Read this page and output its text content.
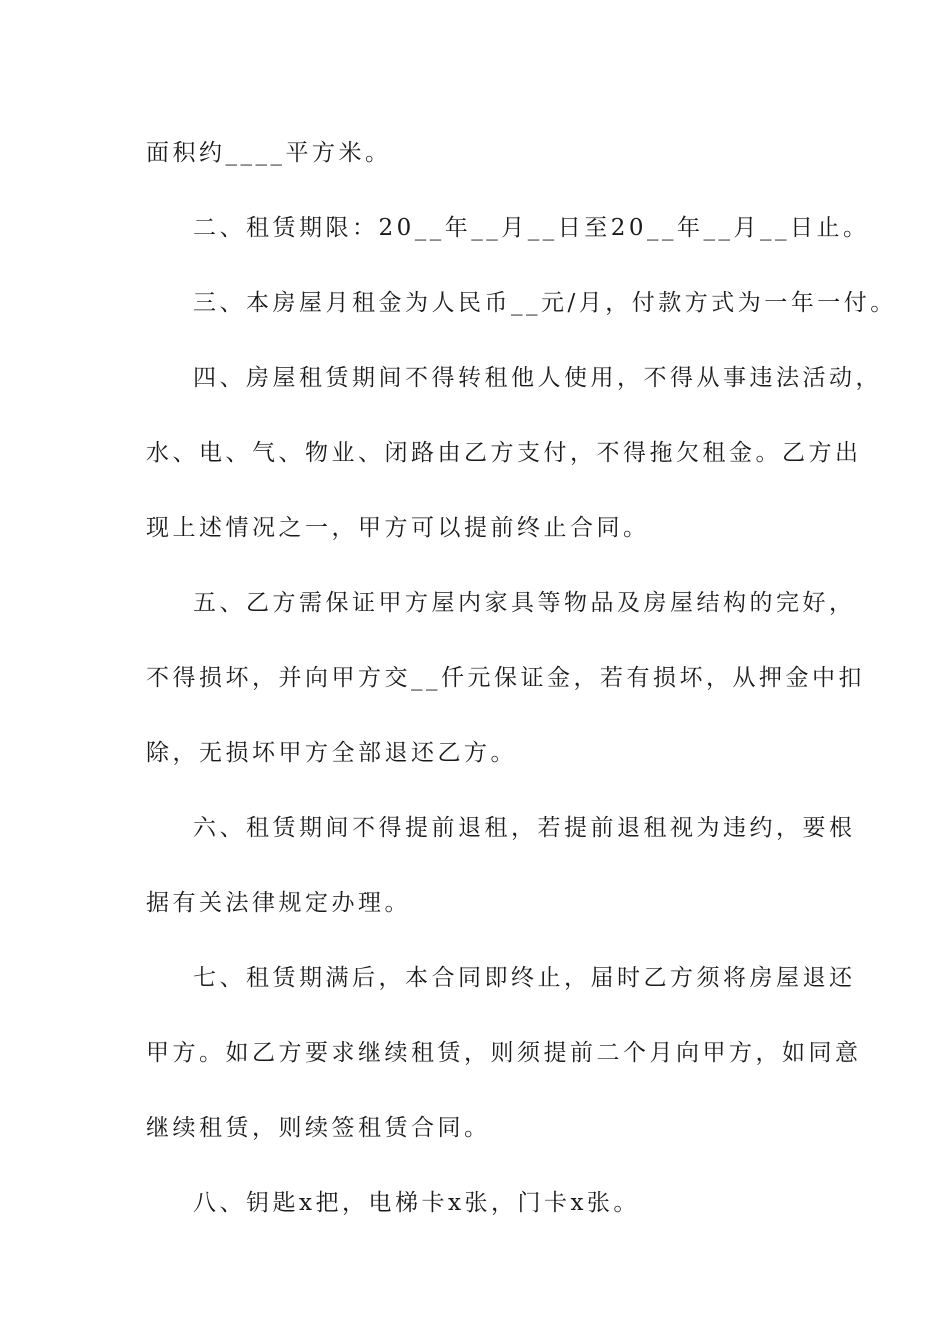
面积约____平方米。
二、租赁期限：20__年__月__日至20__年__月__日止。
三、本房屋月租金为人民币__元/月，付款方式为一年一付。
四、房屋租赁期间不得转租他人使用，不得从事违法活动，
水、电、气、物业、闭路由乙方支付，不得拖欠租金。乙方出
现上述情况之一，甲方可以提前终止合同。
五、乙方需保证甲方屋内家具等物品及房屋结构的完好，
不得损坏，并向甲方交__仟元保证金，若有损坏，从押金中扣
除，无损坏甲方全部退还乙方。
六、租赁期间不得提前退租，若提前退租视为违约，要根
据有关法律规定办理。
七、租赁期满后，本合同即终止，届时乙方须将房屋退还
甲方。如乙方要求继续租赁，则须提前二个月向甲方，如同意
继续租赁，则续签租赁合同。
八、钥匙x把，电梯卡x张，门卡x张。
